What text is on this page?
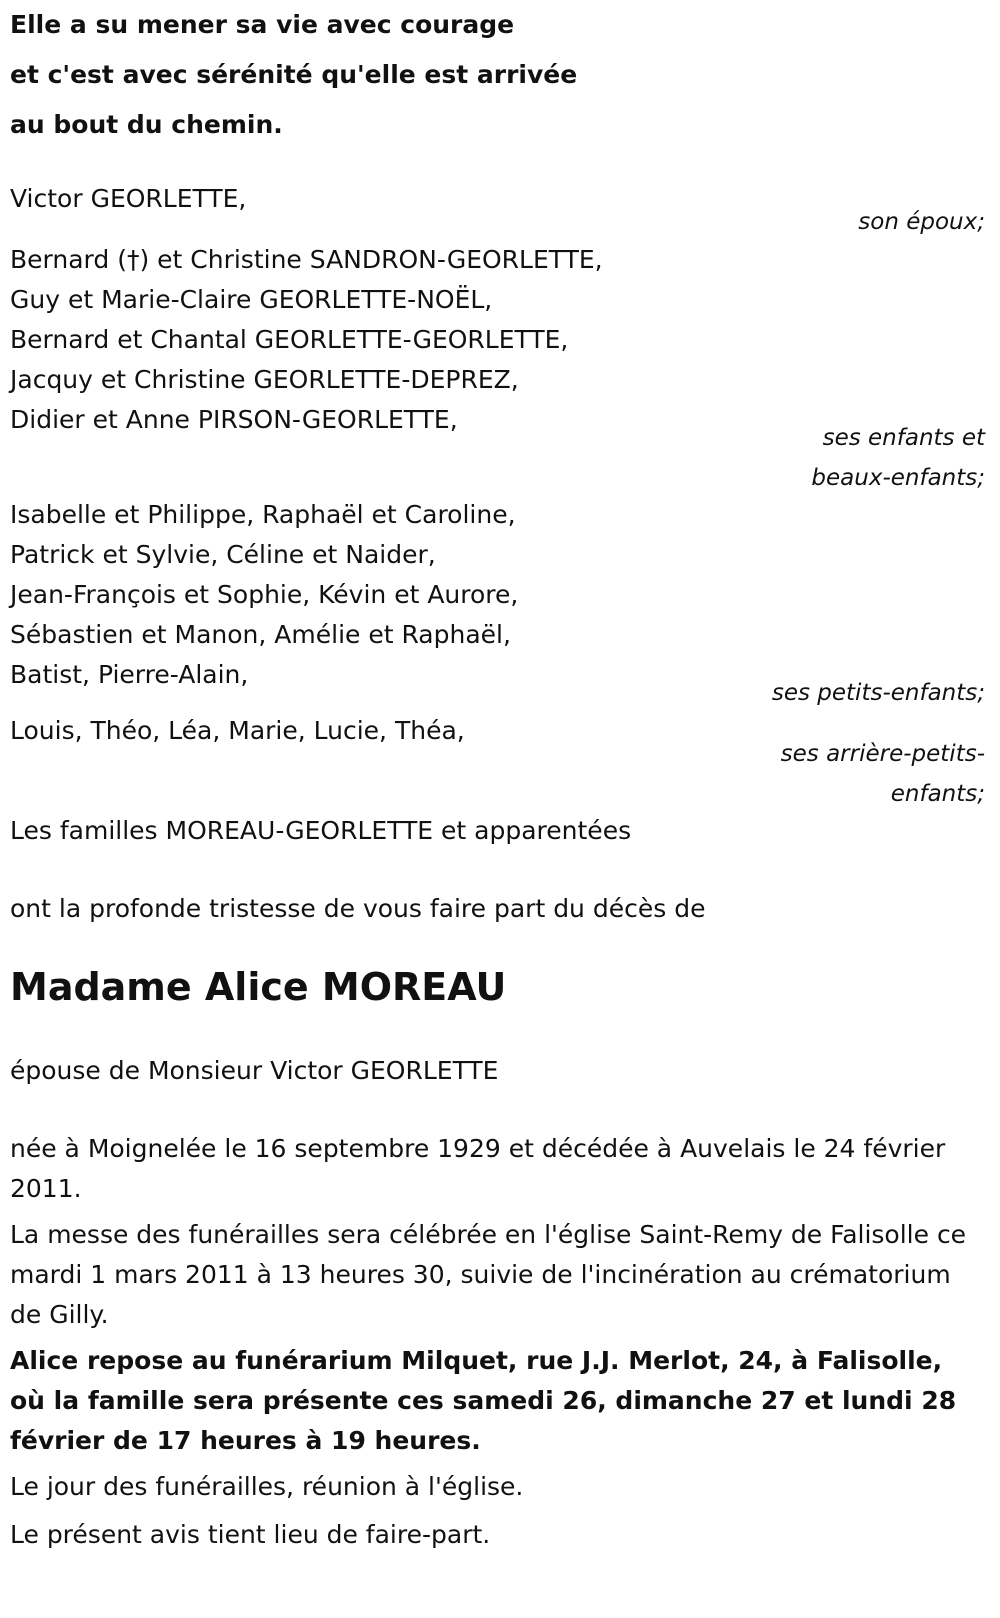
Elle a su mener sa vie avec courage
et c'est avec sérénité qu'elle est arrivée
au bout du chemin.
Victor GEORLETTE,
son époux;
Bernard (†) et Christine SANDRON-GEORLETTE,
Guy et Marie-Claire GEORLETTE-NOËL,
Bernard et Chantal GEORLETTE-GEORLETTE,
Jacquy et Christine GEORLETTE-DEPREZ,
Didier et Anne PIRSON-GEORLETTE,
ses enfants et
beaux-enfants;
Isabelle et Philippe, Raphaël et Caroline,
Patrick et Sylvie, Céline et Naider,
Jean-François et Sophie, Kévin et Aurore,
Sébastien et Manon, Amélie et Raphaël,
Batist, Pierre-Alain,
ses petits-enfants;
Louis, Théo, Léa, Marie, Lucie, Théa,
ses arrière-petits-
enfants;
Les familles MOREAU-GEORLETTE et apparentées
ont la profonde tristesse de vous faire part du décès de
Madame Alice MOREAU
épouse de Monsieur Victor GEORLETTE
née à Moignelée le 16 septembre 1929 et décédée à Auvelais le 24 février 2011.
La messe des funérailles sera célébrée en l'église Saint-Remy de Falisolle ce mardi 1 mars 2011 à 13 heures 30, suivie de l'incinération au crématorium de Gilly.
Alice repose au funérarium Milquet, rue J.J. Merlot, 24, à Falisolle, où la famille sera présente ces samedi 26, dimanche 27 et lundi 28 février de 17 heures à 19 heures.
Le jour des funérailles, réunion à l'église.
Le présent avis tient lieu de faire-part.
